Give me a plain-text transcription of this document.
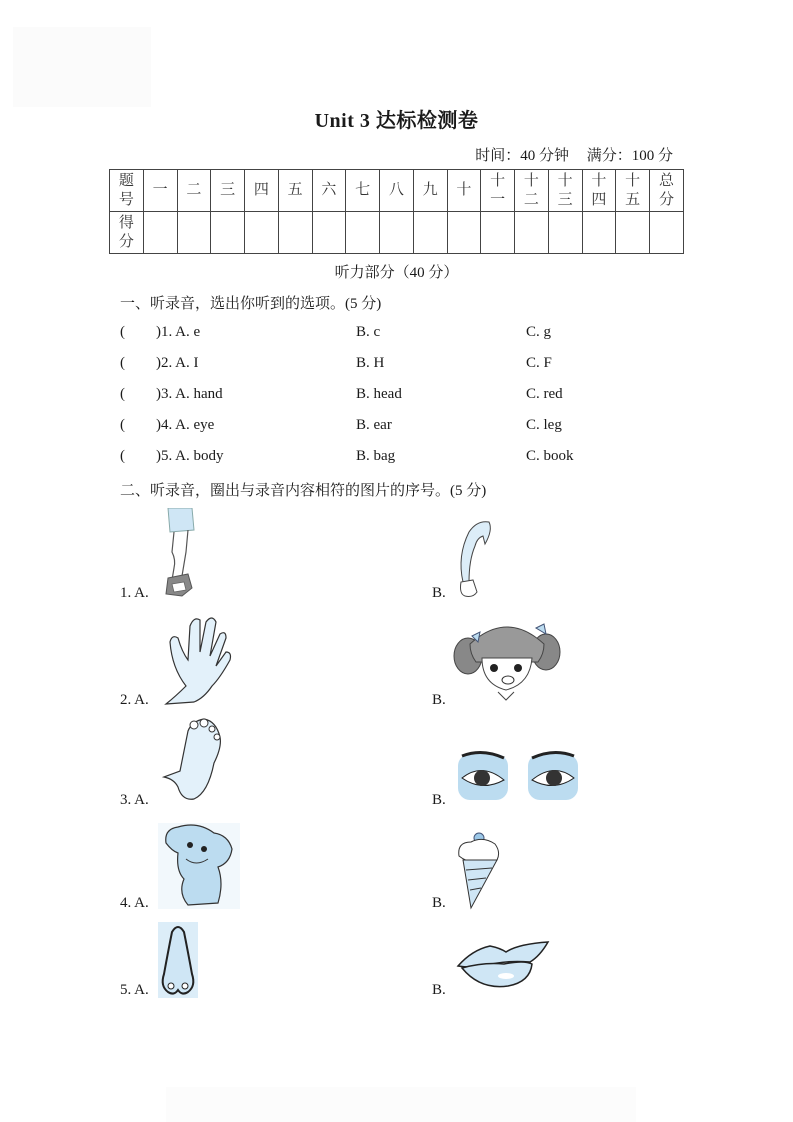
Unit 3 达标检测卷
时间：40 分钟 满分：100 分
题号	一	二	三	四	五	六	七	八	九	十	十一	十二	十三	十四	十五	总分
得分																
听力部分（40 分）
一、听录音，选出你听到的选项。(5 分)
( )1. A. e	B. c	C. g
( )2. A. I	B. H	C. F
( )3. A. hand	B. head	C. red
( )4. A. eye	B. ear	C. leg
( )5. A. body	B. bag	C. book
二、听录音，圈出与录音内容相符的图片的序号。(5 分)
1. A.	B.
2. A.	B.
3. A.	B.
4. A.	B.
5. A.	B.
